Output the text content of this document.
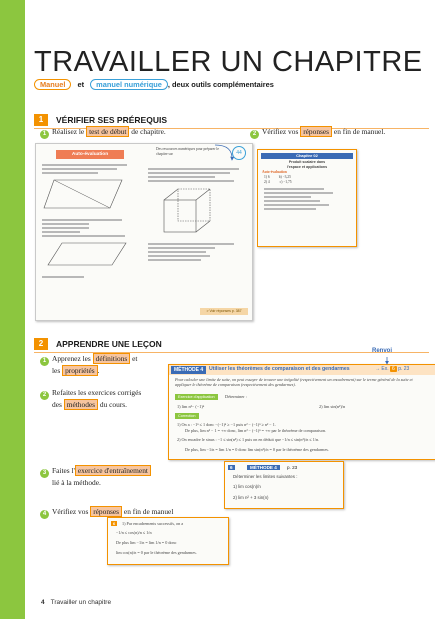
TRAVAILLER UN CHAPITRE
Manuel et manuel numérique , deux outils complémentaires
1	VÉRIFIER SES PRÉREQUIS
1 Réalisez le test de début de chapitre.	2 Vérifiez vos réponses en fin de manuel.
Auto-évaluation
Des ressources numériques pour préparer le chapitre sur	44
> Voir réponses p. 387
Chapitre 02
Produit scalaire dans
l'espace et applications
Auto-évaluation
1) 6 b) −3,25
2) 4	c) −1,75
2	APPRENDRE UNE LEÇON
Renvoi
1 Apprenez les définitions et
les propriétés .
2 Refaites les exercices corrigés
des méthodes du cours.
3 Faites l' exercice d'entraînement
lié à la méthode.
4 Vérifiez vos réponses en fin de manuel
MÉTHODE 4	Utiliser les théorèmes de comparaison et des gendarmes	→ Ex. 6 p. 23
Pour calculer une limite de suite, on peut essayer de trouver une inégalité (respectivement un encadrement) sur le terme général de la suite et appliquer le théorème de comparaison (respectivement des gendarmes).
Exercice d'application	Déterminer :
1) lim n²− (−1)ⁿ	2) lim sin(n²)/n
Correction
1) On a : −1ⁿ ≤ 1 donc −(−1)ⁿ ≥ −1 puis n² − (−1)ⁿ ≥ n² − 1.
De plus, lim n² − 1 = +∞ donc, lim n² − (−1)ⁿ = +∞ par le théorème de comparaison.
2) On encadre le sinus : −1 ≤ sin(n²) ≤ 1 puis on en déduit que −1/n ≤ sin(n²)/n ≤ 1/n.
De plus, lim −1/n = lim 1/n = 0 donc lim sin(n²)/n = 0 par le théorème des gendarmes.
6	MÉTHODE 4	p. 23
Déterminer les limites suivantes :
1) lim cos(n)/n
2) lim n² + 3 sin(n)
6	1) Par encadrements successifs, on a
−1/n ≤ cos(n)/n ≤ 1/n
De plus lim −1/n = lim 1/n = 0 donc
lim cos(n)/n = 0 par le théorème des gendarmes.
4 Travailler un chapitre
